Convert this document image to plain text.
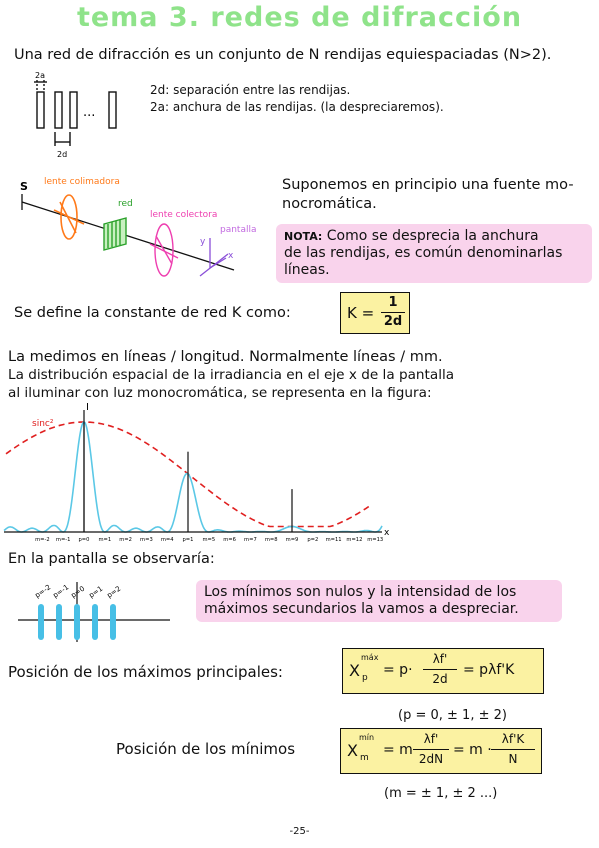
tema 3. redes de difracción
Una red de difracción es un conjunto de N rendijas equiespaciadas (N>2).
2a
2d
...
2d: separación entre las rendijas.
2a: anchura de las rendijas. (la despreciaremos).
S lente colimadora
red
lente colectora
y
x
pantalla
Suponemos en principio una fuente mo-
nocromática.
NOTA: Como se desprecia la anchura
de las rendijas, es común denominarlas
líneas.
Se define la constante de red K como:	K =
1
2d
La medimos en líneas / longitud. Normalmente líneas / mm.
La distribución espacial de la irradiancia en el eje x de la pantalla
al iluminar con luz monocromática, se representa en la figura:
x
I
sinc²
m=-2 m=-1 p=0 m=1 m=2 m=3 m=4 p=1 m=5 m=6 m=7 m=8 m=9 p=2 m=11 m=12 m=13
En la pantalla se observaría:
p=-2 p=-1 p=0 p=1 p=2	Los mínimos son nulos y la intensidad de los
máximos secundarios la vamos a despreciar.
Posición de los máximos principales:	X
máx
p = p·
λf'
2d
= pλf'K
(p = 0, ± 1, ± 2)
Posición de los mínimos	X
mín
m = m
λf'
2dN
= m ·
λf'K
N
(m = ± 1, ± 2 ...)
-25-
